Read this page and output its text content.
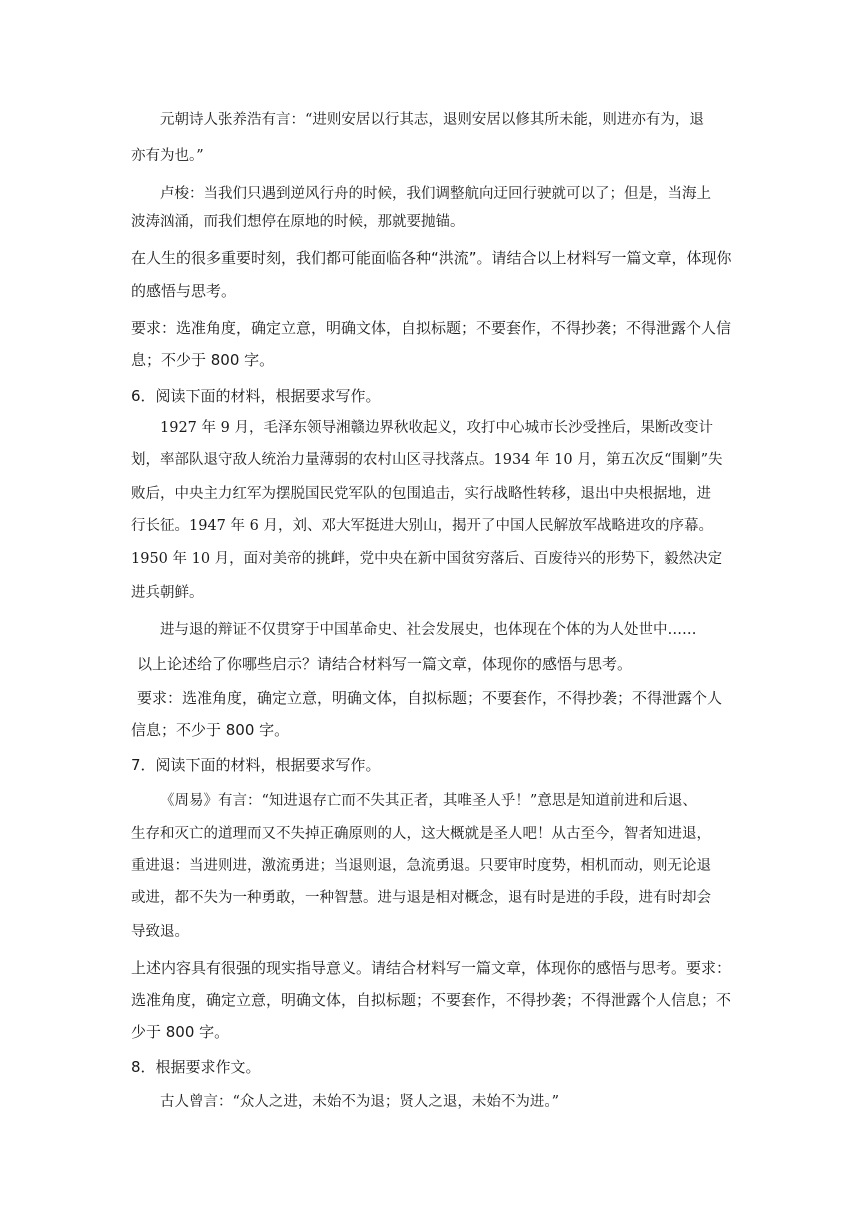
元朝诗人张养浩有言：“进则安居以行其志，退则安居以修其所未能，则进亦有为，退
亦有为也。”
卢梭：当我们只遇到逆风行舟的时候，我们调整航向迂回行驶就可以了；但是，当海上
波涛汹涌，而我们想停在原地的时候，那就要抛锚。
在人生的很多重要时刻，我们都可能面临各种“洪流”。请结合以上材料写一篇文章，体现你
的感悟与思考。
要求：选准角度，确定立意，明确文体，自拟标题；不要套作，不得抄袭；不得泄露个人信
息；不少于 800 字。
6．阅读下面的材料，根据要求写作。
1927 年 9 月，毛泽东领导湘赣边界秋收起义，攻打中心城市长沙受挫后，果断改变计
划，率部队退守敌人统治力量薄弱的农村山区寻找落点。1934 年 10 月，第五次反“围剿”失
败后，中央主力红军为摆脱国民党军队的包围追击，实行战略性转移，退出中央根据地，进
行长征。1947 年 6 月，刘、邓大军挺进大别山，揭开了中国人民解放军战略进攻的序幕。
1950 年 10 月，面对美帝的挑衅，党中央在新中国贫穷落后、百废待兴的形势下，毅然决定
进兵朝鲜。
进与退的辩证不仅贯穿于中国革命史、社会发展史，也体现在个体的为人处世中……
以上论述给了你哪些启示？请结合材料写一篇文章，体现你的感悟与思考。
要求：选准角度，确定立意，明确文体，自拟标题；不要套作，不得抄袭；不得泄露个人
信息；不少于 800 字。
7．阅读下面的材料，根据要求写作。
《周易》有言：“知进退存亡而不失其正者，其唯圣人乎！”意思是知道前进和后退、
生存和灭亡的道理而又不失掉正确原则的人，这大概就是圣人吧！从古至今，智者知进退，
重进退：当进则进，激流勇进；当退则退，急流勇退。只要审时度势，相机而动，则无论退
或进，都不失为一种勇敢，一种智慧。进与退是相对概念，退有时是进的手段，进有时却会
导致退。
上述内容具有很强的现实指导意义。请结合材料写一篇文章，体现你的感悟与思考。要求：
选准角度，确定立意，明确文体，自拟标题；不要套作，不得抄袭；不得泄露个人信息；不
少于 800 字。
8．根据要求作文。
古人曾言：“众人之进，未始不为退；贤人之退，未始不为进。”
